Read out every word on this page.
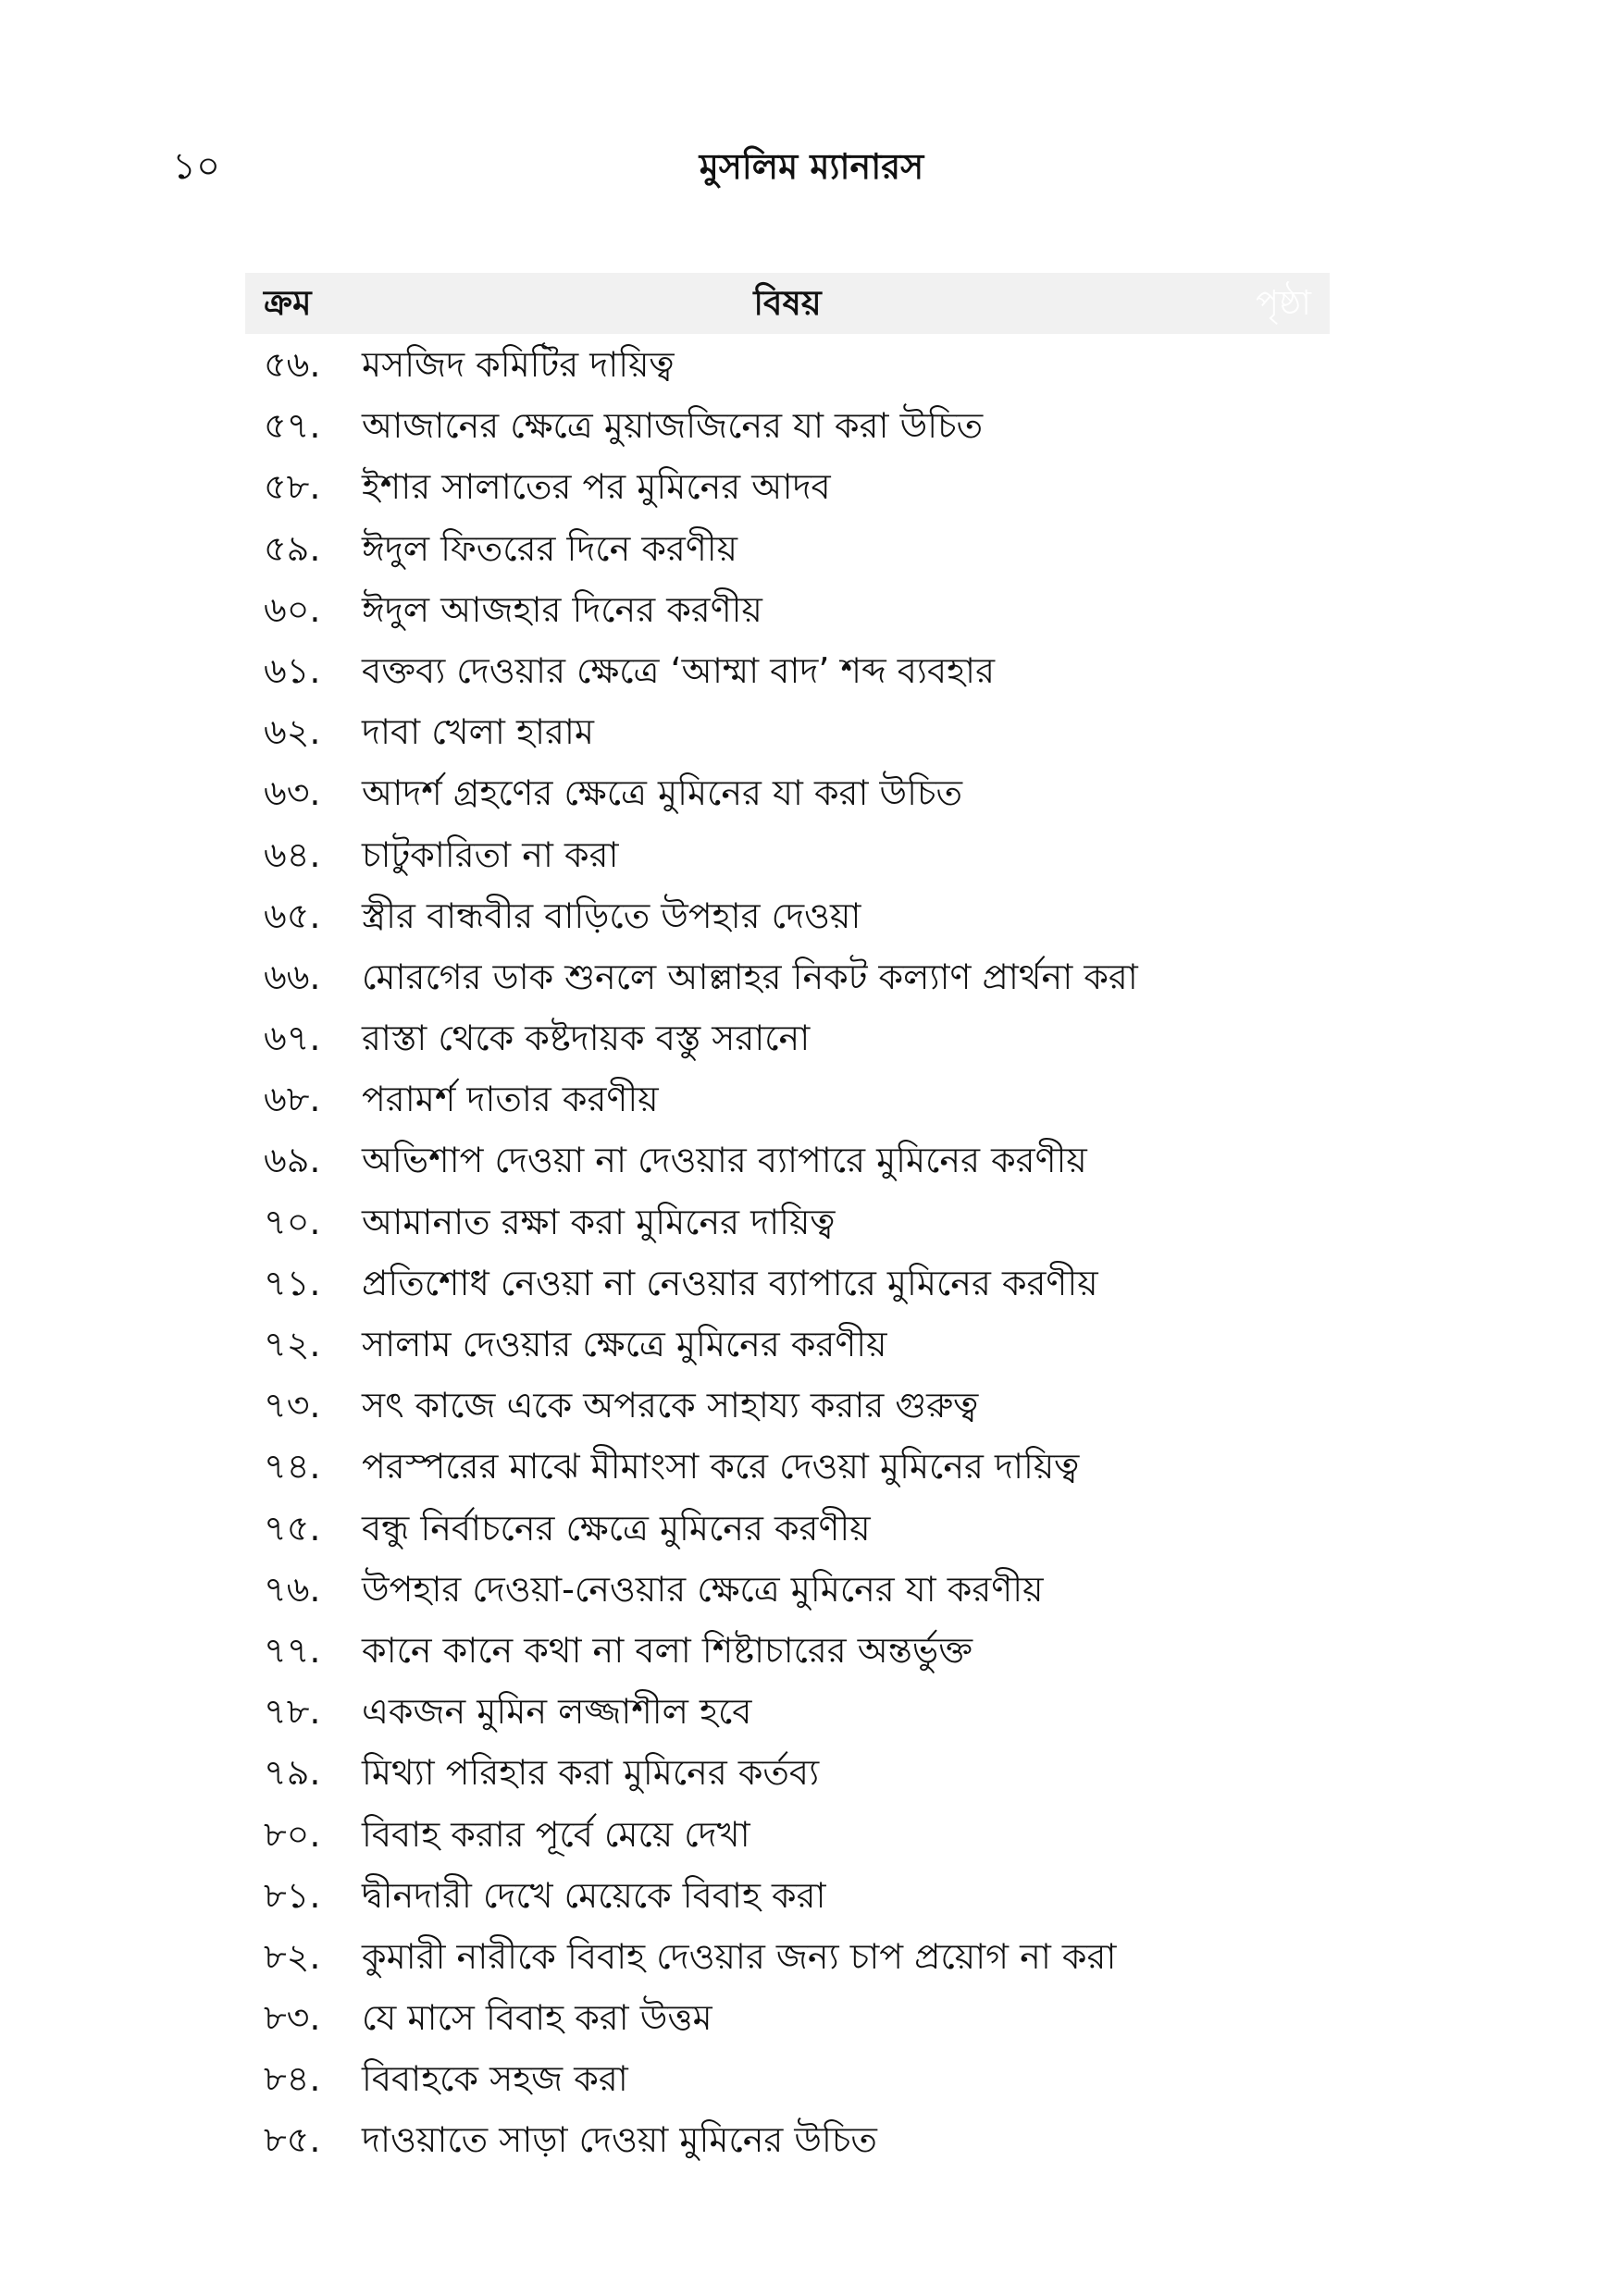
১০	মুসলিম ম্যানারস
ক্রম	বিষয়	পৃষ্ঠা
৫৬. মসজিদ কমিটির দায়িত্ব
৫৭. আজানের ক্ষেত্রে মুয়াজজিনের যা করা উচিত
৫৮. ইশার সালাতের পর মুমিনের আদব
৫৯. ঈদুল ফিতরের দিনে করণীয়
৬০. ঈদুল আজহার দিনের করণীয়
৬১. বক্তব্য দেওয়ার ক্ষেত্রে ‘আম্মা বাদ’ শব্দ ব্যবহার
৬২. দাবা খেলা হারাম
৬৩. আদর্শ গ্রহণের ক্ষেত্রে মুমিনের যা করা উচিত
৬৪. চাটুকারিতা না করা
৬৫. স্ত্রীর বান্ধবীর বাড়িতে উপহার দেওয়া
৬৬. মোরগের ডাক শুনলে আল্লাহর নিকট কল্যাণ প্রার্থনা করা
৬৭. রাস্তা থেকে কষ্টদায়ক বস্তু সরানো
৬৮. পরামর্শ দাতার করণীয়
৬৯. অভিশাপ দেওয়া না দেওয়ার ব্যাপারে মুমিনের করণীয়
৭০. আমানাত রক্ষা করা মুমিনের দায়িত্ব
৭১. প্রতিশোধ নেওয়া না নেওয়ার ব্যাপারে মুমিনের করণীয়
৭২. সালাম দেওয়ার ক্ষেত্রে মুমিনের করণীয়
৭৩. সৎ কাজে একে অপরকে সাহায্য করার গুরুত্ব
৭৪. পরস্পরের মাঝে মীমাংসা করে দেওয়া মুমিনের দায়িত্ব
৭৫. বন্ধু নির্বাচনের ক্ষেত্রে মুমিনের করণীয়
৭৬. উপহার দেওয়া-নেওয়ার ক্ষেত্রে মুমিনের যা করণীয়
৭৭. কানে কানে কথা না বলা শিষ্টাচারের অন্তর্ভুক্ত
৭৮. একজন মুমিন লজ্জাশীল হবে
৭৯. মিথ্যা পরিহার করা মুমিনের কর্তব্য
৮০. বিবাহ করার পূর্বে মেয়ে দেখা
৮১. দ্বীনদারী দেখে মেয়েকে বিবাহ করা
৮২. কুমারী নারীকে বিবাহ দেওয়ার জন্য চাপ প্রয়োগ না করা
৮৩. যে মাসে বিবাহ করা উত্তম
৮৪. বিবাহকে সহজ করা
৮৫. দাওয়াতে সাড়া দেওয়া মুমিনের উচিত
